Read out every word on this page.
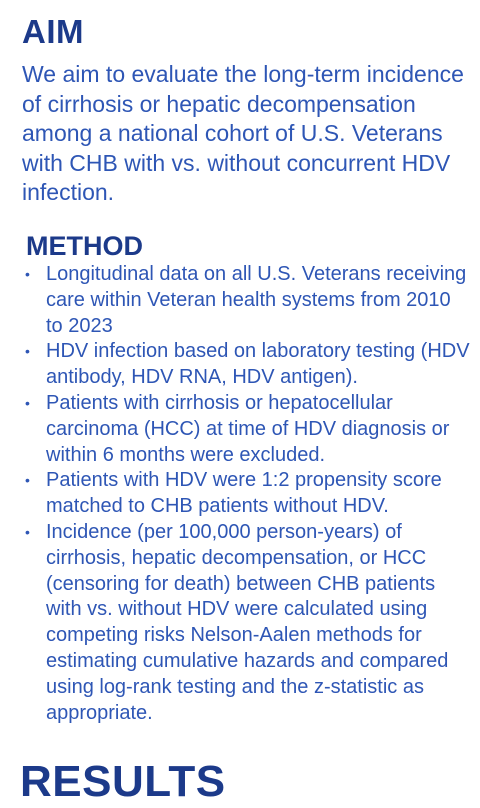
AIM

We aim to evaluate the long-term incidence of cirrhosis or hepatic decompensation among a national cohort of U.S. Veterans with CHB with vs. without concurrent HDV infection.

METHOD
• Longitudinal data on all U.S. Veterans receiving care within Veteran health systems from 2010 to 2023
• HDV infection based on laboratory testing (HDV antibody, HDV RNA, HDV antigen).
• Patients with cirrhosis or hepatocellular carcinoma (HCC) at time of HDV diagnosis or within 6 months were excluded.
• Patients with HDV were 1:2 propensity score matched to CHB patients without HDV.
• Incidence (per 100,000 person-years) of cirrhosis, hepatic decompensation, or HCC (censoring for death) between CHB patients with vs. without HDV were calculated using competing risks Nelson-Aalen methods for estimating cumulative hazards and compared using log-rank testing and the z-statistic as appropriate.
RESULTS
